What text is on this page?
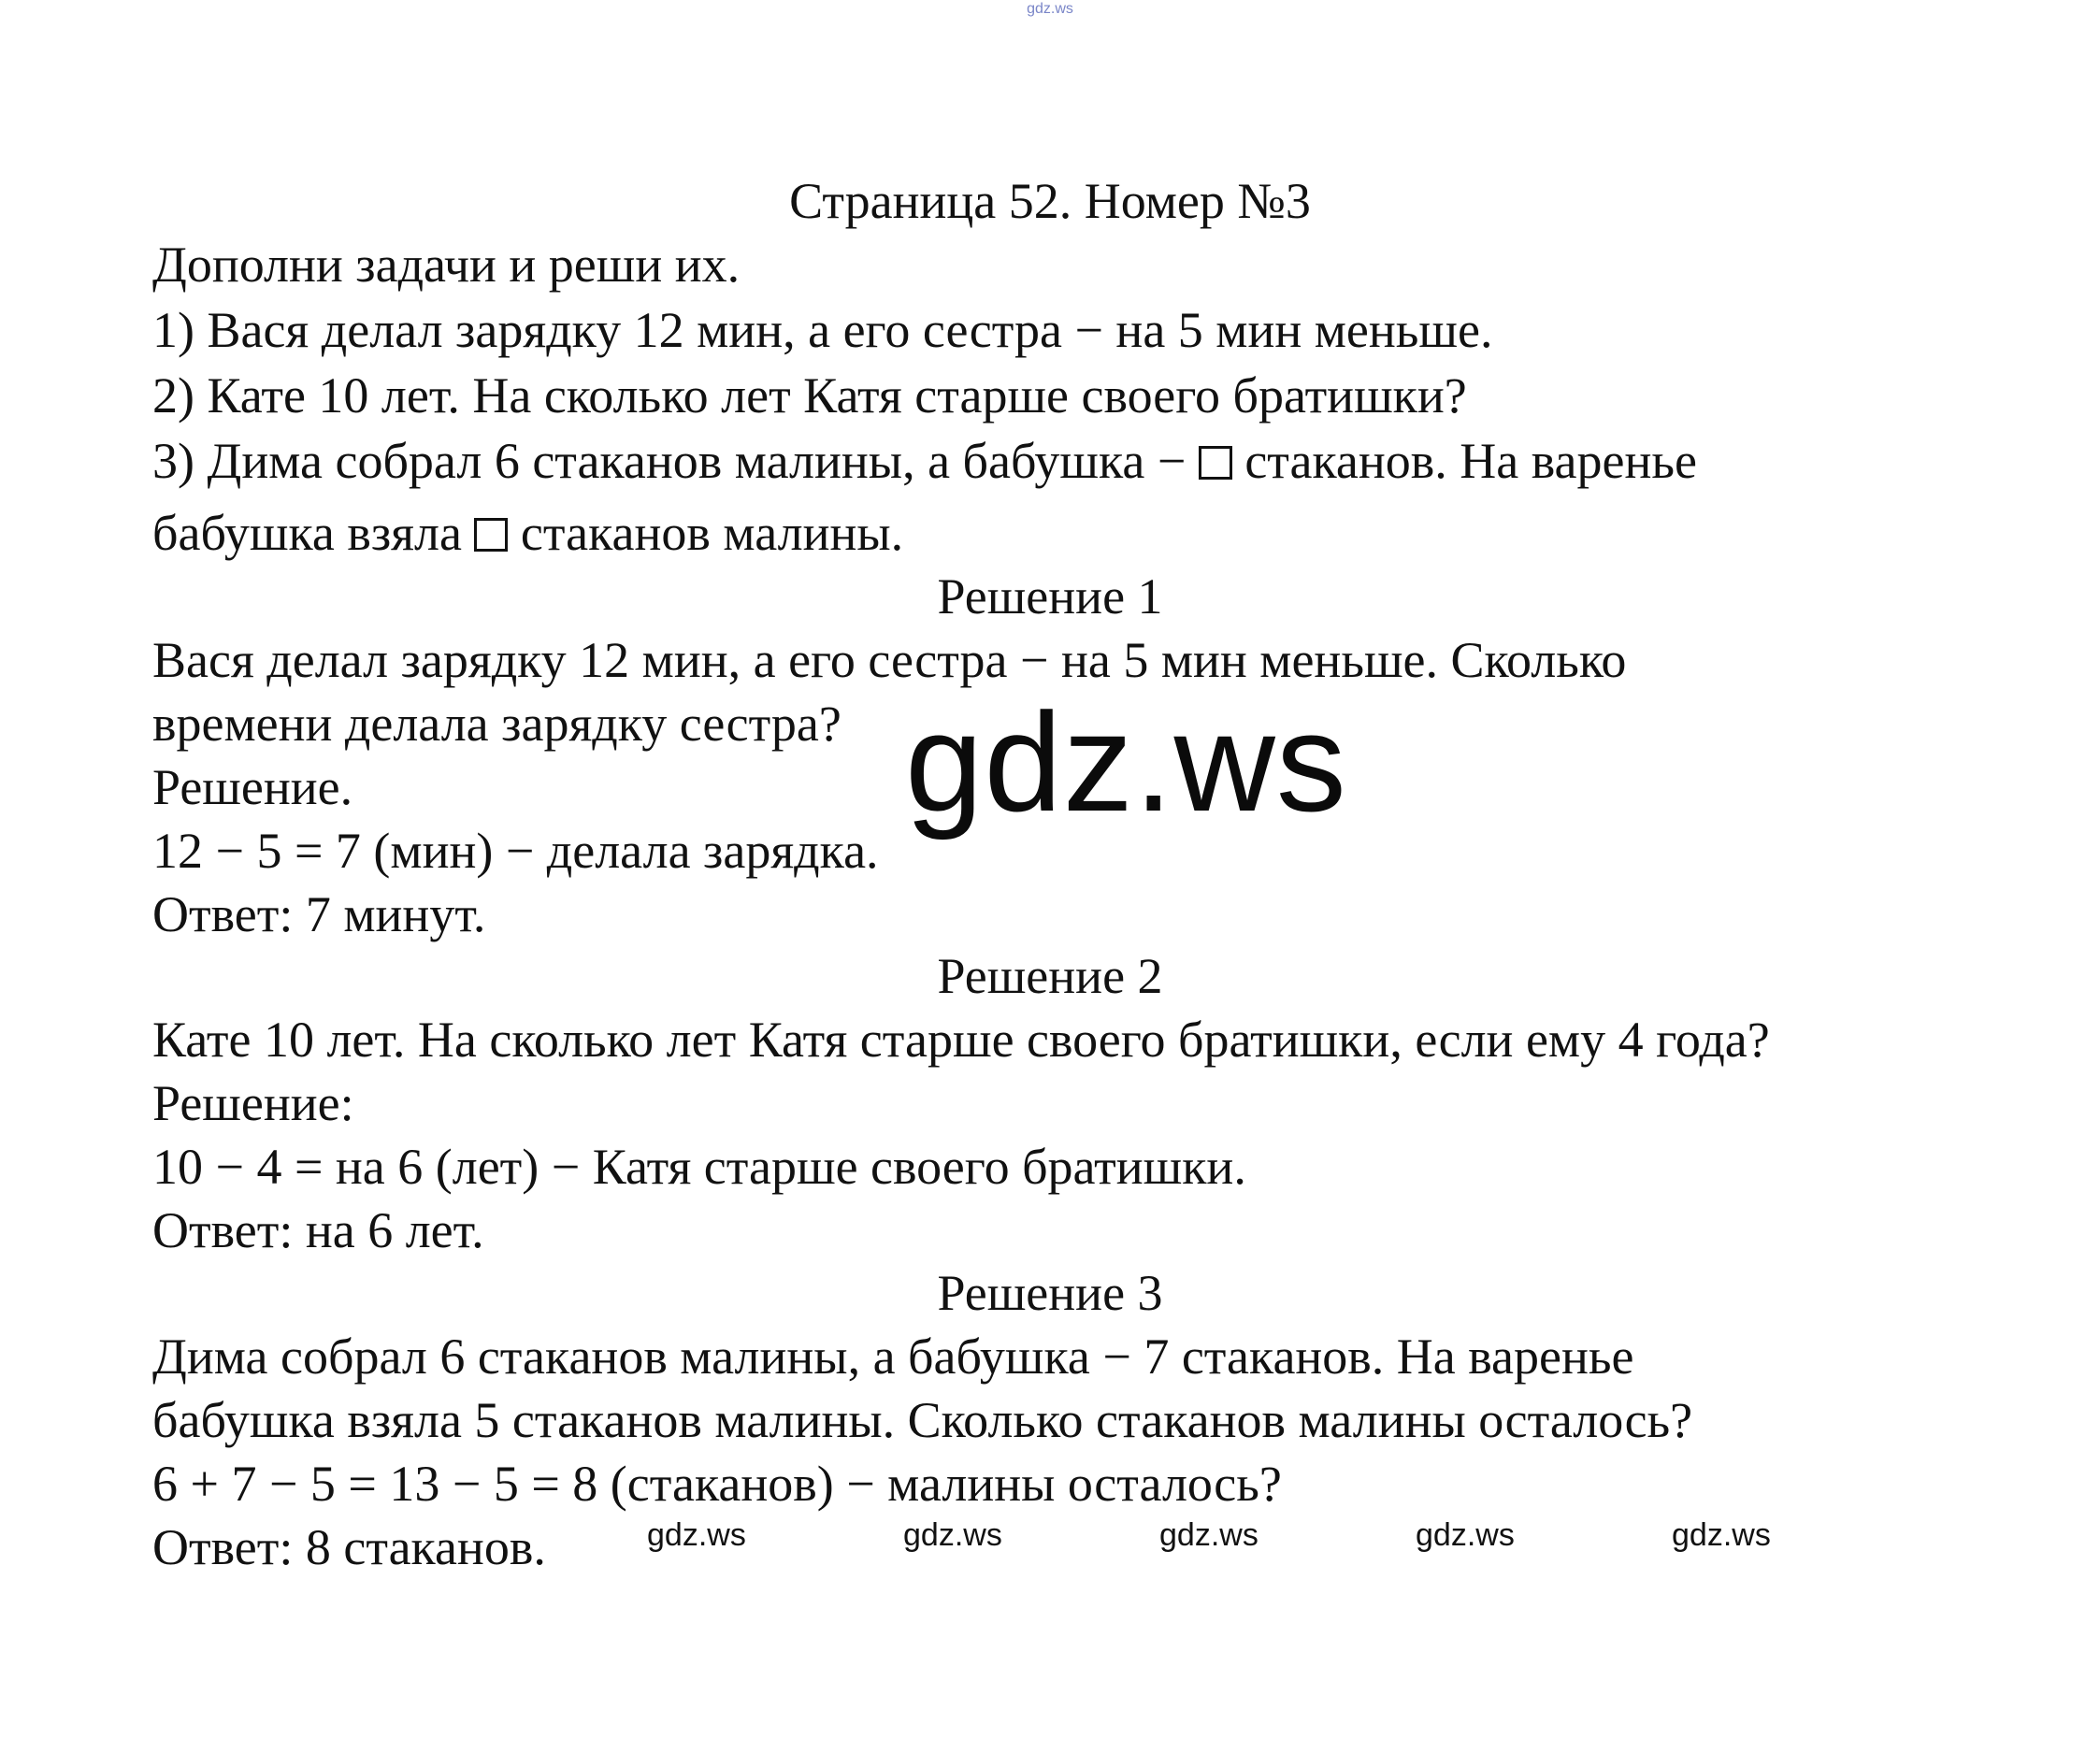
gdz.ws
Страница 52. Номер №3
Дополни задачи и реши их.
1) Вася делал зарядку 12 мин, а его сестра − на 5 мин меньше.
2) Кате 10 лет. На сколько лет Катя старше своего братишки?
3) Дима собрал 6 стаканов малины, а бабушка − стаканов. На варенье
бабушка взяла стаканов малины.
Решение 1
Вася делал зарядку 12 мин, а его сестра − на 5 мин меньше. Сколько
времени делала зарядку сестра?
Решение.
12 − 5 = 7 (мин) − делала зарядка.
Ответ: 7 минут.
Решение 2
Кате 10 лет. На сколько лет Катя старше своего братишки, если ему 4 года?
Решение:
10 − 4 = на 6 (лет) − Катя старше своего братишки.
Ответ: на 6 лет.
Решение 3
Дима собрал 6 стаканов малины, а бабушка − 7 стаканов. На варенье
бабушка взяла 5 стаканов малины. Сколько стаканов малины осталось?
6 + 7 − 5 = 13 − 5 = 8 (стаканов) − малины осталось?
Ответ: 8 стаканов.
gdz.ws
gdz.ws	gdz.ws	gdz.ws	gdz.ws	gdz.ws
